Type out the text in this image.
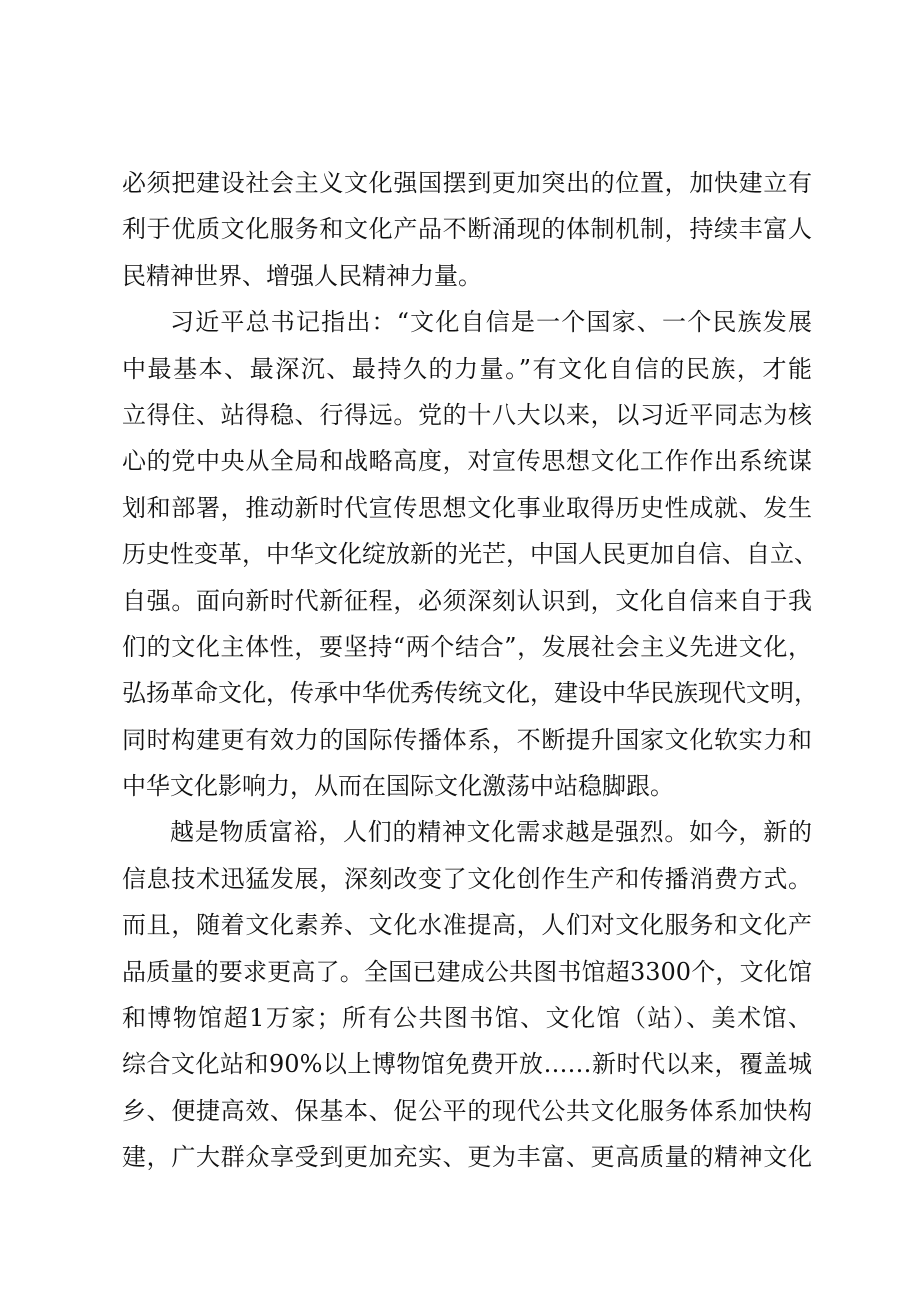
必须把建设社会主义文化强国摆到更加突出的位置，加快建立有
利于优质文化服务和文化产品不断涌现的体制机制，持续丰富人
民精神世界、增强人民精神力量。
习近平总书记指出：“文化自信是一个国家、一个民族发展
中最基本、最深沉、最持久的力量。”有文化自信的民族，才能
立得住、站得稳、行得远。党的十八大以来，以习近平同志为核
心的党中央从全局和战略高度，对宣传思想文化工作作出系统谋
划和部署，推动新时代宣传思想文化事业取得历史性成就、发生
历史性变革，中华文化绽放新的光芒，中国人民更加自信、自立、
自强。面向新时代新征程，必须深刻认识到，文化自信来自于我
们的文化主体性，要坚持“两个结合”，发展社会主义先进文化，
弘扬革命文化，传承中华优秀传统文化，建设中华民族现代文明，
同时构建更有效力的国际传播体系，不断提升国家文化软实力和
中华文化影响力，从而在国际文化激荡中站稳脚跟。
越是物质富裕，人们的精神文化需求越是强烈。如今，新的
信息技术迅猛发展，深刻改变了文化创作生产和传播消费方式。
而且，随着文化素养、文化水准提高，人们对文化服务和文化产
品质量的要求更高了。全国已建成公共图书馆超3300个，文化馆
和博物馆超1万家；所有公共图书馆、文化馆（站）、美术馆、
综合文化站和90%以上博物馆免费开放……新时代以来，覆盖城
乡、便捷高效、保基本、促公平的现代公共文化服务体系加快构
建，广大群众享受到更加充实、更为丰富、更高质量的精神文化
